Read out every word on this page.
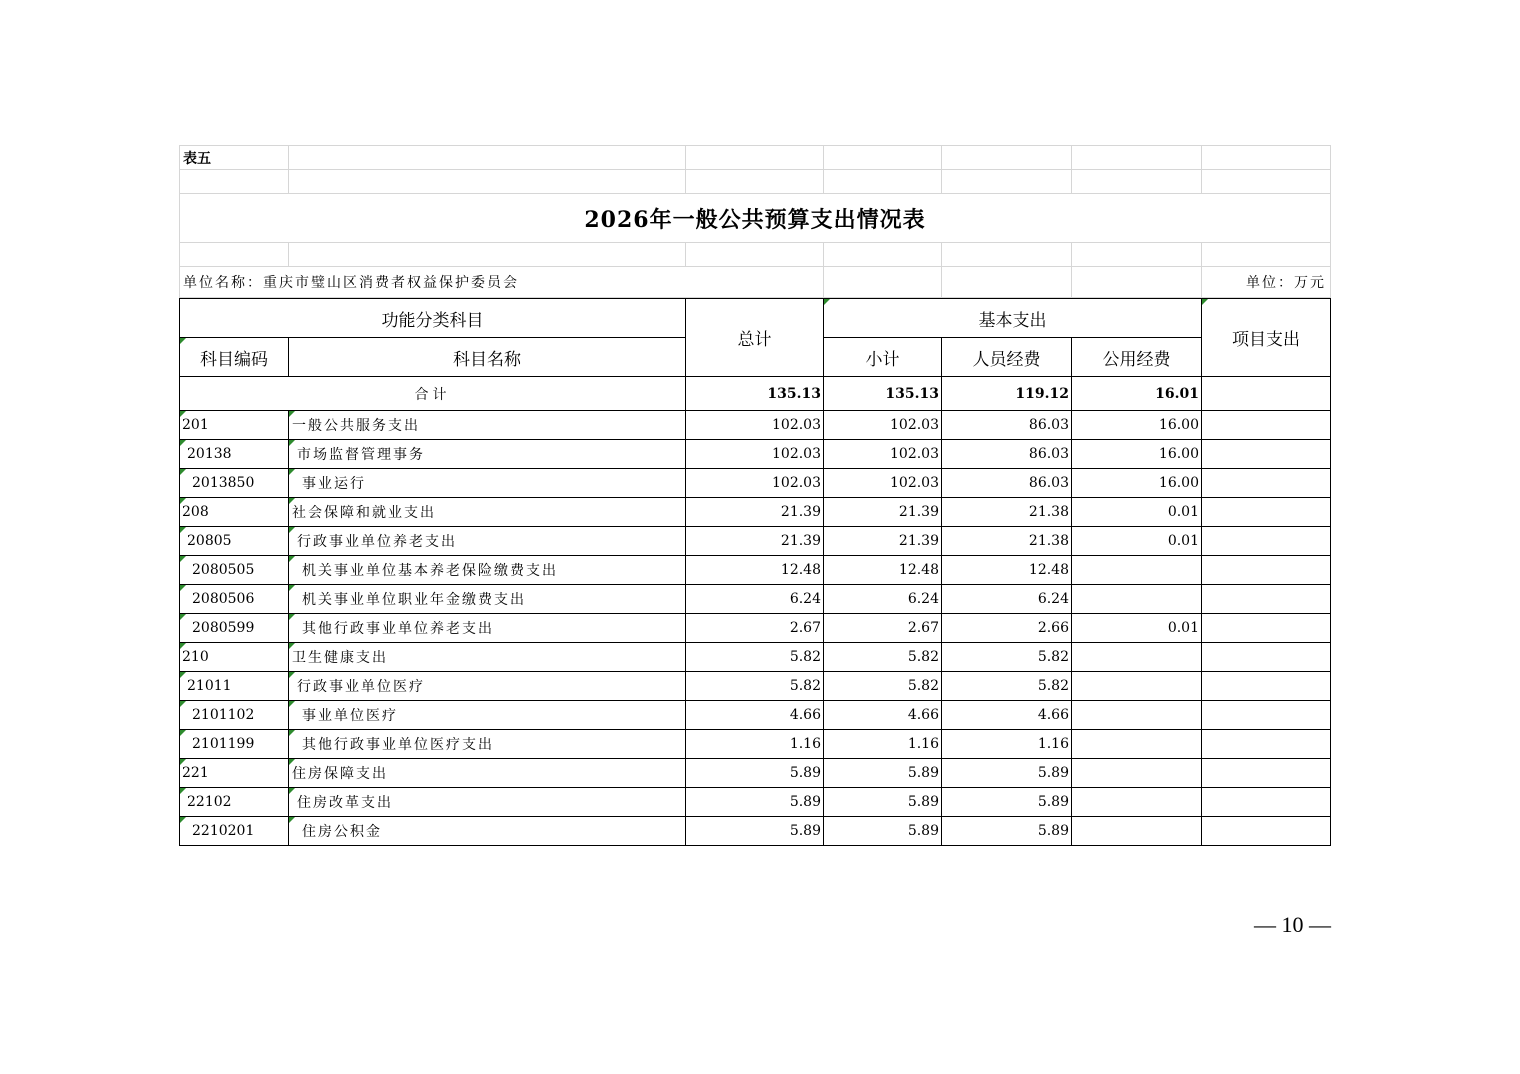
表五						

2026年一般公共预算支出情况表						

单位名称：重庆市璧山区消费者权益保护委员会						单位：万元
功能分类科目		总计	基本支出			项目支出
科目编码	科目名称		小计	人员经费	公用经费	
合计		135.13	135.13	119.12	16.01	
201	一般公共服务支出	102.03	102.03	86.03	16.00	
20138	市场监督管理事务	102.03	102.03	86.03	16.00	
2013850	事业运行	102.03	102.03	86.03	16.00	
208	社会保障和就业支出	21.39	21.39	21.38	0.01	
20805	行政事业单位养老支出	21.39	21.39	21.38	0.01	
2080505	机关事业单位基本养老保险缴费支出	12.48	12.48	12.48		
2080506	机关事业单位职业年金缴费支出	6.24	6.24	6.24		
2080599	其他行政事业单位养老支出	2.67	2.67	2.66	0.01	
210	卫生健康支出	5.82	5.82	5.82		
21011	行政事业单位医疗	5.82	5.82	5.82		
2101102	事业单位医疗	4.66	4.66	4.66		
2101199	其他行政事业单位医疗支出	1.16	1.16	1.16		
221	住房保障支出	5.89	5.89	5.89		
22102	住房改革支出	5.89	5.89	5.89		
2210201	住房公积金	5.89	5.89	5.89		
— 10 —
